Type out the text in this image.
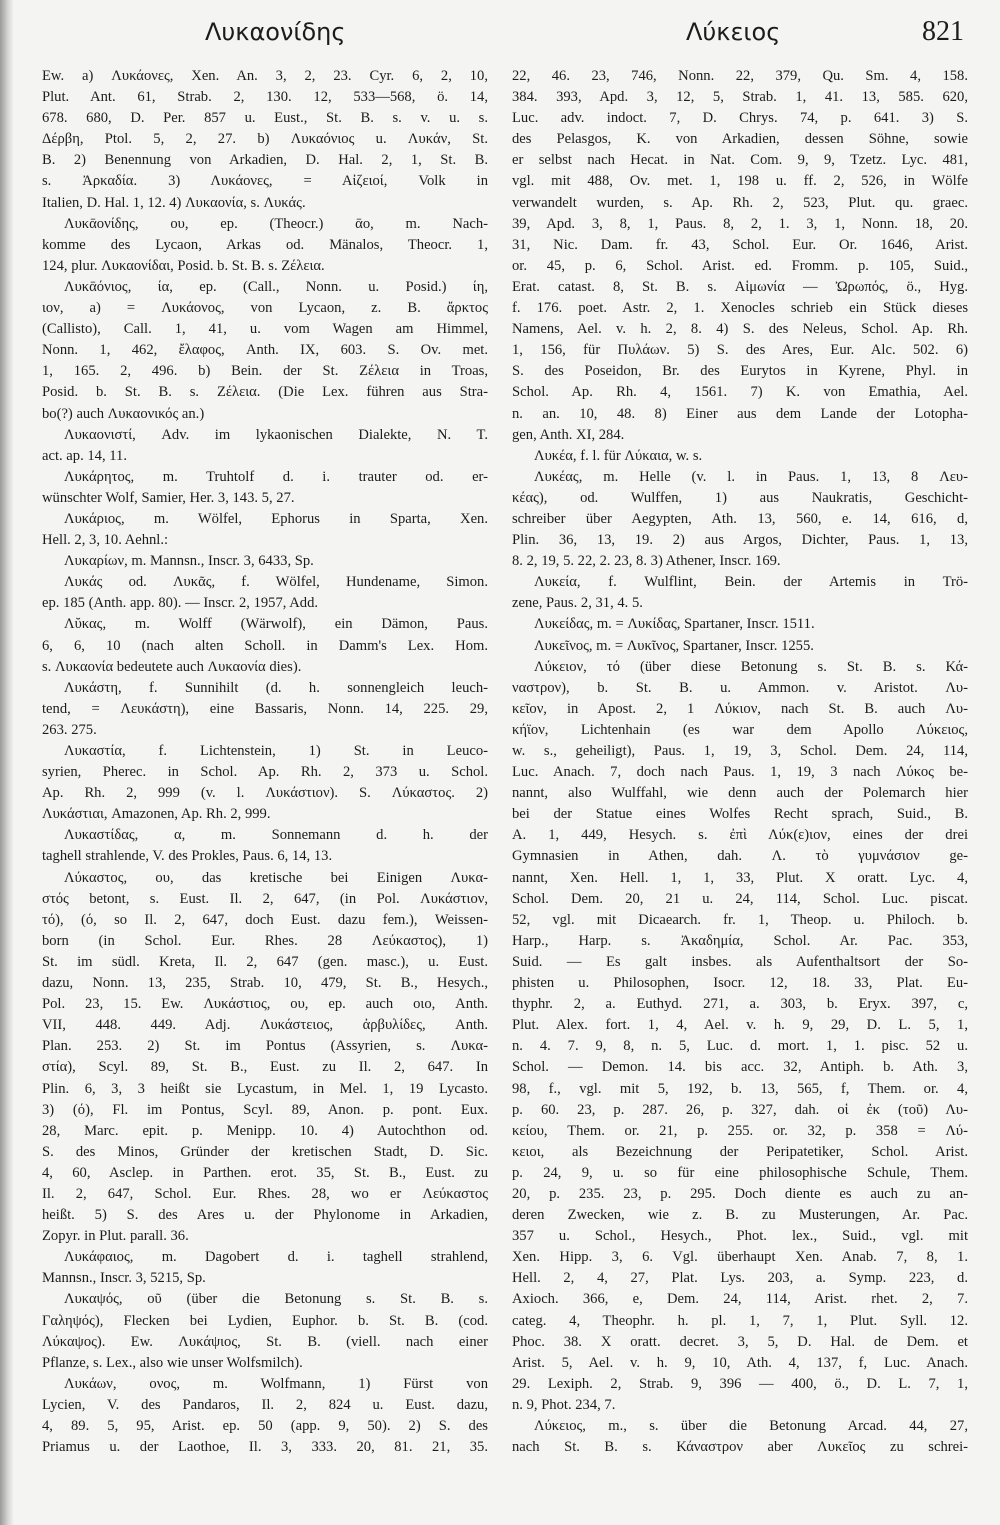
Λυκαονίδης	Λύκειος	821
Ew. a) Λυκάονες, Xen. An. 3, 2, 23. Cyr. 6, 2, 10,
Plut. Ant. 61, Strab. 2, 130. 12, 533—568, ö. 14,
678. 680, D. Per. 857 u. Eust., St. B. s. v. u. s.
Δέρβη, Ptol. 5, 2, 27. b) Λυκαόνιος u. Λυκάν, St.
B. 2) Benennung von Arkadien, D. Hal. 2, 1, St. B.
s. Ἀρκαδία. 3) Λυκάονες, = Αἰζειοί, Volk in
Italien, D. Hal. 1, 12. 4) Λυκαονία, s. Λυκάς.
Λυκᾱονίδης, ου, ep. (Theocr.) ᾱο, m. Nach-
komme des Lycaon, Arkas od. Mänalos, Theocr. 1,
124, plur. Λυκαονίδαι, Posid. b. St. B. s. Ζέλεια.
Λυκᾱόνιος, ία, ep. (Call., Nonn. u. Posid.) ίη,
ιον, a) = Λυκάονος, von Lycaon, z. B. ἄρκτος
(Callisto), Call. 1, 41, u. vom Wagen am Himmel,
Nonn. 1, 462, ἔλαφος, Anth. IX, 603. S. Ov. met.
1, 165. 2, 496. b) Bein. der St. Ζέλεια in Troas,
Posid. b. St. B. s. Ζέλεια. (Die Lex. führen aus Stra-
bo(?) auch Λυκαονικός an.)
Λυκαονιστί, Adv. im lykaonischen Dialekte, N. T.
act. ap. 14, 11.
Λυκάρητος, m. Truhtolf d. i. trauter od. er-
wünschter Wolf, Samier, Her. 3, 143. 5, 27.
Λυκάριος, m. Wölfel, Ephorus in Sparta, Xen.
Hell. 2, 3, 10. Aehnl.:
Λυκαρίων, m. Mannsn., Inscr. 3, 6433, Sp.
Λυκάς od. Λυκᾶς, f. Wölfel, Hundename, Simon.
ep. 185 (Anth. app. 80). — Inscr. 2, 1957, Add.
Λῠκας, m. Wolff (Wärwolf), ein Dämon, Paus.
6, 6, 10 (nach alten Scholl. in Damm's Lex. Hom.
s. Λυκαονία bedeutete auch Λυκαονία dies).
Λυκάστη, f. Sunnihilt (d. h. sonnengleich leuch-
tend, = Λευκάστη), eine Bassaris, Nonn. 14, 225. 29,
263. 275.
Λυκαστία, f. Lichtenstein, 1) St. in Leuco-
syrien, Pherec. in Schol. Ap. Rh. 2, 373 u. Schol.
Ap. Rh. 2, 999 (v. l. Λυκάστιον). S. Λύκαστος. 2)
Λυκάστιαι, Amazonen, Ap. Rh. 2, 999.
Λυκαστίδας, α, m. Sonnemann d. h. der
taghell strahlende, V. des Prokles, Paus. 6, 14, 13.
Λύκαστος, ου, das kretische bei Einigen Λυκα-
στός betont, s. Eust. Il. 2, 647, (in Pol. Λυκάστιον,
τό), (ό, so Il. 2, 647, doch Eust. dazu fem.), Weissen-
born (in Schol. Eur. Rhes. 28 Λεύκαστος), 1)
St. im südl. Kreta, Il. 2, 647 (gen. masc.), u. Eust.
dazu, Nonn. 13, 235, Strab. 10, 479, St. B., Hesych.,
Pol. 23, 15. Ew. Λυκάστιος, ου, ep. auch οιο, Anth.
VII, 448. 449. Adj. Λυκάστειος, ἀρβυλίδες, Anth.
Plan. 253. 2) St. im Pontus (Assyrien, s. Λυκα-
στία), Scyl. 89, St. B., Eust. zu Il. 2, 647. In
Plin. 6, 3, 3 heißt sie Lycastum, in Mel. 1, 19 Lycasto.
3) (ό), Fl. im Pontus, Scyl. 89, Anon. p. pont. Eux.
28, Marc. epit. p. Menipp. 10. 4) Autochthon od.
S. des Minos, Gründer der kretischen Stadt, D. Sic.
4, 60, Asclep. in Parthen. erot. 35, St. B., Eust. zu
Il. 2, 647, Schol. Eur. Rhes. 28, wo er Λεύκαστος
heißt. 5) S. des Ares u. der Phylonome in Arkadien,
Zopyr. in Plut. parall. 36.
Λυκάφαιος, m. Dagobert d. i. taghell strahlend,
Mannsn., Inscr. 3, 5215, Sp.
Λυκαψός, οῦ (über die Betonung s. St. B. s.
Γαληψός), Flecken bei Lydien, Euphor. b. St. B. (cod.
Λύκαψος). Ew. Λυκάψιος, St. B. (viell. nach einer
Pflanze, s. Lex., also wie unser Wolfsmilch).
Λυκάων, ονος, m. Wolfmann, 1) Fürst von
Lycien, V. des Pandaros, Il. 2, 824 u. Eust. dazu,
4, 89. 5, 95, Arist. ep. 50 (app. 9, 50). 2) S. des
Priamus u. der Laothoe, Il. 3, 333. 20, 81. 21, 35.
22, 46. 23, 746, Nonn. 22, 379, Qu. Sm. 4, 158.
384. 393, Apd. 3, 12, 5, Strab. 1, 41. 13, 585. 620,
Luc. adv. indoct. 7, D. Chrys. 74, p. 641. 3) S.
des Pelasgos, K. von Arkadien, dessen Söhne, sowie
er selbst nach Hecat. in Nat. Com. 9, 9, Tzetz. Lyc. 481,
vgl. mit 488, Ov. met. 1, 198 u. ff. 2, 526, in Wölfe
verwandelt wurden, s. Ap. Rh. 2, 523, Plut. qu. graec.
39, Apd. 3, 8, 1, Paus. 8, 2, 1. 3, 1, Nonn. 18, 20.
31, Nic. Dam. fr. 43, Schol. Eur. Or. 1646, Arist.
or. 45, p. 6, Schol. Arist. ed. Fromm. p. 105, Suid.,
Erat. catast. 8, St. B. s. Αἱμωνία — Ὠρωπός, ö., Hyg.
f. 176. poet. Astr. 2, 1. Xenocles schrieb ein Stück dieses
Namens, Ael. v. h. 2, 8. 4) S. des Neleus, Schol. Ap. Rh.
1, 156, für Πυλάων. 5) S. des Ares, Eur. Alc. 502. 6)
S. des Poseidon, Br. des Eurytos in Kyrene, Phyl. in
Schol. Ap. Rh. 4, 1561. 7) K. von Emathia, Ael.
n. an. 10, 48. 8) Einer aus dem Lande der Lotopha-
gen, Anth. XI, 284.
Λυκέα, f. l. für Λύκαια, w. s.
Λυκέας, m. Helle (v. l. in Paus. 1, 13, 8 Λευ-
κέας), od. Wulffen, 1) aus Naukratis, Geschicht-
schreiber über Aegypten, Ath. 13, 560, e. 14, 616, d,
Plin. 36, 13, 19. 2) aus Argos, Dichter, Paus. 1, 13,
8. 2, 19, 5. 22, 2. 23, 8. 3) Athener, Inscr. 169.
Λυκεία, f. Wulflint, Bein. der Artemis in Trö-
zene, Paus. 2, 31, 4. 5.
Λυκείδας, m. = Λυκίδας, Spartaner, Inscr. 1511.
Λυκεῖνος, m. = Λυκῖνος, Spartaner, Inscr. 1255.
Λύκειον, τό (über diese Betonung s. St. B. s. Κά-
ναστρον), b. St. B. u. Ammon. v. Aristot. Λυ-
κεῖον, in Apost. 2, 1 Λύκιον, nach St. B. auch Λυ-
κήϊον, Lichtenhain (es war dem Apollo Λύκειος,
w. s., geheiligt), Paus. 1, 19, 3, Schol. Dem. 24, 114,
Luc. Anach. 7, doch nach Paus. 1, 19, 3 nach Λύκος be-
nannt, also Wulffahl, wie denn auch der Polemarch hier
bei der Statue eines Wolfes Recht sprach, Suid., B.
A. 1, 449, Hesych. s. ἐπὶ Λύκ(ε)ιον, eines der drei
Gymnasien in Athen, dah. Λ. τὸ γυμνάσιον ge-
nannt, Xen. Hell. 1, 1, 33, Plut. X oratt. Lyc. 4,
Schol. Dem. 20, 21 u. 24, 114, Schol. Luc. piscat.
52, vgl. mit Dicaearch. fr. 1, Theop. u. Philoch. b.
Harp., Harp. s. Ἀκαδημία, Schol. Ar. Pac. 353,
Suid. — Es galt insbes. als Aufenthaltsort der So-
phisten u. Philosophen, Isocr. 12, 18. 33, Plat. Eu-
thyphr. 2, a. Euthyd. 271, a. 303, b. Eryx. 397, c,
Plut. Alex. fort. 1, 4, Ael. v. h. 9, 29, D. L. 5, 1,
n. 4. 7. 9, 8, n. 5, Luc. d. mort. 1, 1. pisc. 52 u.
Schol. — Demon. 14. bis acc. 32, Antiph. b. Ath. 3,
98, f., vgl. mit 5, 192, b. 13, 565, f, Them. or. 4,
p. 60. 23, p. 287. 26, p. 327, dah. οἱ ἐκ (τοῦ) Λυ-
κείου, Them. or. 21, p. 255. or. 32, p. 358 = Λύ-
κειοι, als Bezeichnung der Peripatetiker, Schol. Arist.
p. 24, 9, u. so für eine philosophische Schule, Them.
20, p. 235. 23, p. 295. Doch diente es auch zu an-
deren Zwecken, wie z. B. zu Musterungen, Ar. Pac.
357 u. Schol., Hesych., Phot. lex., Suid., vgl. mit
Xen. Hipp. 3, 6. Vgl. überhaupt Xen. Anab. 7, 8, 1.
Hell. 2, 4, 27, Plat. Lys. 203, a. Symp. 223, d.
Axioch. 366, e, Dem. 24, 114, Arist. rhet. 2, 7.
categ. 4, Theophr. h. pl. 1, 7, 1, Plut. Syll. 12.
Phoc. 38. X oratt. decret. 3, 5, D. Hal. de Dem. et
Arist. 5, Ael. v. h. 9, 10, Ath. 4, 137, f, Luc. Anach.
29. Lexiph. 2, Strab. 9, 396 — 400, ö., D. L. 7, 1,
n. 9, Phot. 234, 7.
Λύκειος, m., s. über die Betonung Arcad. 44, 27,
nach St. B. s. Κάναστρον aber Λυκεῖος zu schrei-
